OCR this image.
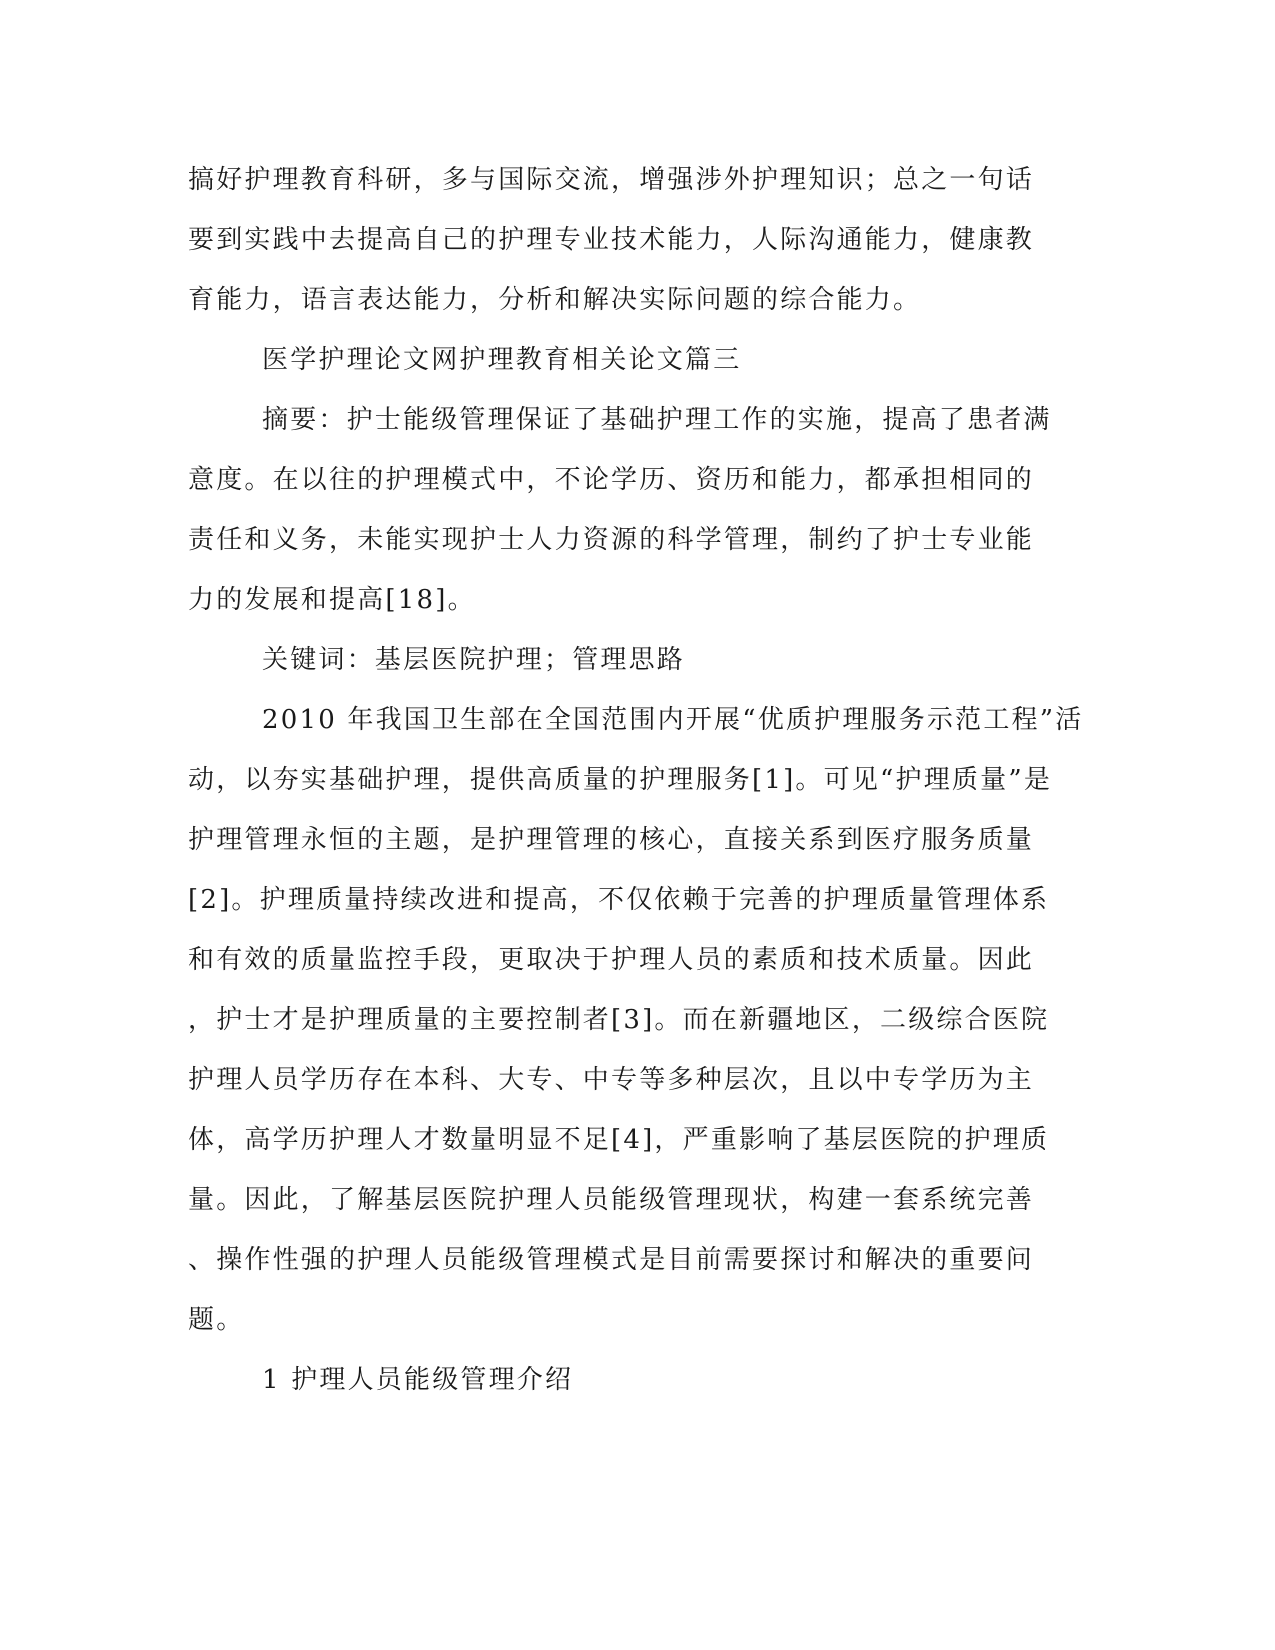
搞好护理教育科研，多与国际交流，增强涉外护理知识；总之一句话
要到实践中去提高自己的护理专业技术能力，人际沟通能力，健康教
育能力，语言表达能力，分析和解决实际问题的综合能力。
医学护理论文网护理教育相关论文篇三
摘要：护士能级管理保证了基础护理工作的实施，提高了患者满
意度。在以往的护理模式中，不论学历、资历和能力，都承担相同的
责任和义务，未能实现护士人力资源的科学管理，制约了护士专业能
力的发展和提高[18]。
关键词：基层医院护理；管理思路
2010 年我国卫生部在全国范围内开展“优质护理服务示范工程”活
动，以夯实基础护理，提供高质量的护理服务[1]。可见“护理质量”是
护理管理永恒的主题，是护理管理的核心，直接关系到医疗服务质量
[2]。护理质量持续改进和提高，不仅依赖于完善的护理质量管理体系
和有效的质量监控手段，更取决于护理人员的素质和技术质量。因此
，护士才是护理质量的主要控制者[3]。而在新疆地区，二级综合医院
护理人员学历存在本科、大专、中专等多种层次，且以中专学历为主
体，高学历护理人才数量明显不足[4]，严重影响了基层医院的护理质
量。因此，了解基层医院护理人员能级管理现状，构建一套系统完善
、操作性强的护理人员能级管理模式是目前需要探讨和解决的重要问
题。
1 护理人员能级管理介绍
